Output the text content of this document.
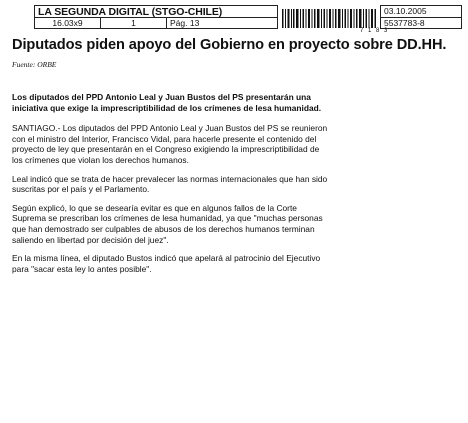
LA SEGUNDA DIGITAL (STGO-CHILE)
16.03x9	1	Pág. 13
7 1 8 3
03.10.2005
5537783-8
Diputados piden apoyo del Gobierno en proyecto sobre DD.HH.
Fuente: ORBE

Los diputados del PPD Antonio Leal y Juan Bustos del PS presentarán una iniciativa que exige la imprescriptibilidad de los crímenes de lesa humanidad.

SANTIAGO.- Los diputados del PPD Antonio Leal y Juan Bustos del PS se reunieron con el ministro del Interior, Francisco Vidal, para hacerle presente el contenido del proyecto de ley que presentarán en el Congreso exigiendo la imprescriptibilidad de los crímenes que violan los derechos humanos.

Leal indicó que se trata de hacer prevalecer las normas internacionales que han sido suscritas por el país y el Parlamento.

Según explicó, lo que se desearía evitar es que en algunos fallos de la Corte Suprema se prescriban los crímenes de lesa humanidad, ya que "muchas personas que han demostrado ser culpables de abusos de los derechos humanos terminan saliendo en libertad por decisión del juez".

En la misma línea, el diputado Bustos indicó que apelará al patrocinio del Ejecutivo para "sacar esta ley lo antes posible".
